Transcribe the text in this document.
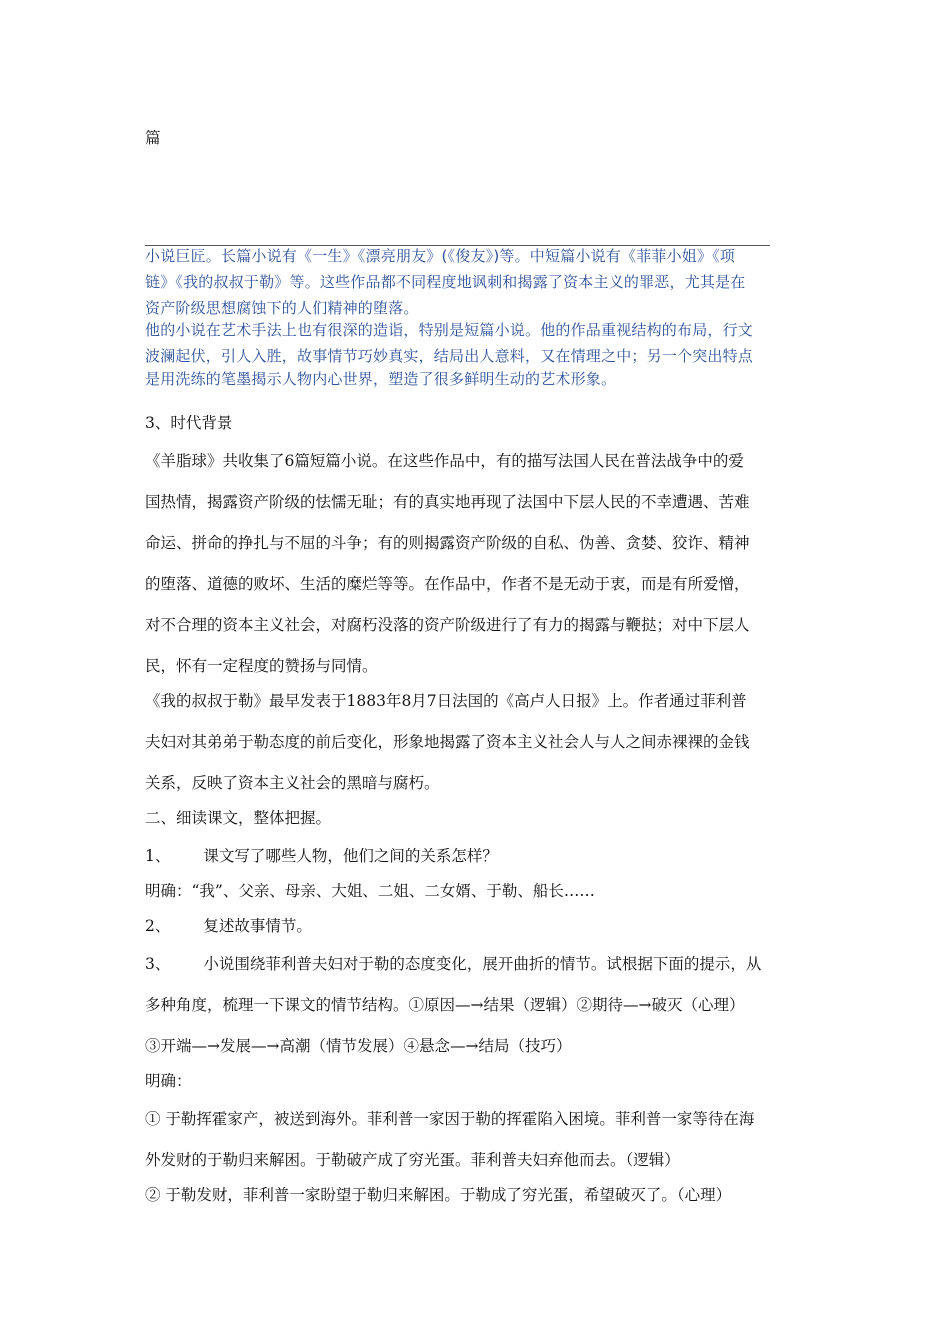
篇
小说巨匠。长篇小说有《一生》《漂亮朋友》(《俊友》)等。中短篇小说有《菲菲小姐》《项
链》《我的叔叔于勒》等。这些作品都不同程度地讽刺和揭露了资本主义的罪恶，尤其是在
资产阶级思想腐蚀下的人们精神的堕落。
他的小说在艺术手法上也有很深的造诣，特别是短篇小说。他的作品重视结构的布局，行文
波澜起伏，引人入胜，故事情节巧妙真实，结局出人意料，又在情理之中；另一个突出特点
是用洗练的笔墨揭示人物内心世界，塑造了很多鲜明生动的艺术形象。
3、时代背景
《羊脂球》共收集了6篇短篇小说。在这些作品中，有的描写法国人民在普法战争中的爱
国热情，揭露资产阶级的怯懦无耻；有的真实地再现了法国中下层人民的不幸遭遇、苦难
命运、拼命的挣扎与不屈的斗争；有的则揭露资产阶级的自私、伪善、贪婪、狡诈、精神
的堕落、道德的败坏、生活的糜烂等等。在作品中，作者不是无动于衷，而是有所爱憎，
对不合理的资本主义社会，对腐朽没落的资产阶级进行了有力的揭露与鞭挞；对中下层人
民，怀有一定程度的赞扬与同情。
《我的叔叔于勒》最早发表于1883年8月7日法国的《高卢人日报》上。作者通过菲利普
夫妇对其弟弟于勒态度的前后变化，形象地揭露了资本主义社会人与人之间赤裸裸的金钱
关系，反映了资本主义社会的黑暗与腐朽。
二、细读课文，整体把握。
1、 课文写了哪些人物，他们之间的关系怎样？
明确：“我”、父亲、母亲、大姐、二姐、二女婿、于勒、船长……
2、 复述故事情节。
3、 小说围绕菲利普夫妇对于勒的态度变化，展开曲折的情节。试根据下面的提示，从
多种角度，梳理一下课文的情节结构。①原因—→结果（逻辑）②期待—→破灭（心理）
③开端—→发展—→高潮（情节发展）④悬念—→结局（技巧）
明确：
① 于勒挥霍家产，被送到海外。菲利普一家因于勒的挥霍陷入困境。菲利普一家等待在海
外发财的于勒归来解困。于勒破产成了穷光蛋。菲利普夫妇弃他而去。（逻辑）
② 于勒发财，菲利普一家盼望于勒归来解困。于勒成了穷光蛋，希望破灭了。（心理）
